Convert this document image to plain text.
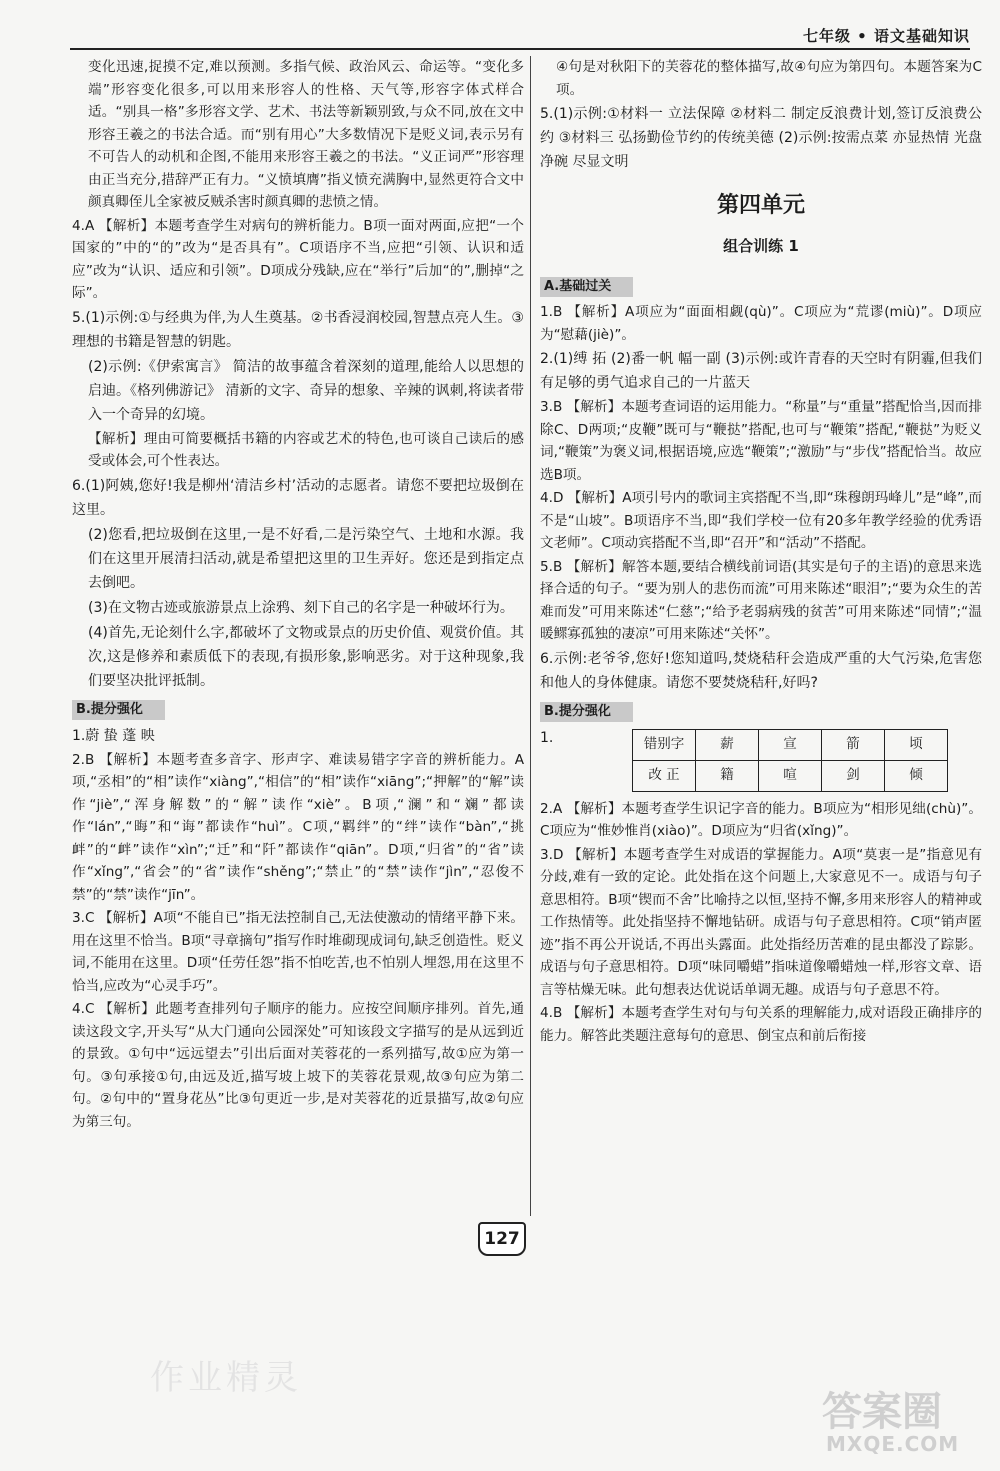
七年级 • 语文基础知识

变化迅速,捉摸不定,难以预测。多指气候、政治风云、命运等。“变化多端”形容变化很多,可以用来形容人的性格、天气等,形容字体式样合适。“别具一格”多形容文学、艺术、书法等新颖别致,与众不同,放在文中形容王羲之的书法合适。而“别有用心”大多数情况下是贬义词,表示另有不可告人的动机和企图,不能用来形容王羲之的书法。“义正词严”形容理由正当充分,措辞严正有力。“义愤填膺”指义愤充满胸中,显然更符合文中颜真卿侄儿全家被反贼杀害时颜真卿的悲愤之情。

4.A 【解析】本题考查学生对病句的辨析能力。B项一面对两面,应把“一个国家的”中的“的”改为“是否具有”。C项语序不当,应把“引领、认识和适应”改为“认识、适应和引领”。D项成分残缺,应在“举行”后加“的”,删掉“之际”。

5.(1)示例:①与经典为伴,为人生奠基。②书香浸润校园,智慧点亮人生。③理想的书籍是智慧的钥匙。

(2)示例:《伊索寓言》 简洁的故事蕴含着深刻的道理,能给人以思想的启迪。《格列佛游记》 清新的文字、奇异的想象、辛辣的讽刺,将读者带入一个奇异的幻境。

【解析】理由可简要概括书籍的内容或艺术的特色,也可谈自己读后的感受或体会,可个性表达。

6.(1)阿姨,您好!我是柳州‘清洁乡村’活动的志愿者。请您不要把垃圾倒在这里。

(2)您看,把垃圾倒在这里,一是不好看,二是污染空气、土地和水源。我们在这里开展清扫活动,就是希望把这里的卫生弄好。您还是到指定点去倒吧。

(3)在文物古迹或旅游景点上涂鸦、刻下自己的名字是一种破坏行为。

(4)首先,无论刻什么字,都破坏了文物或景点的历史价值、观赏价值。其次,这是修养和素质低下的表现,有损形象,影响恶劣。对于这种现象,我们要坚决批评抵制。

B.提分强化

1.蔚 蛰 蓬 映

2.B 【解析】本题考查多音字、形声字、难读易错字字音的辨析能力。A项,“丞相”的“相”读作“xiàng”,“相信”的“相”读作“xiāng”;“押解”的“解”读作“jiè”,“浑身解数”的“解”读作“xiè”。B项,“澜”和“斓”都读作“lán”,“晦”和“诲”都读作“huì”。C项,“羁绊”的“绊”读作“bàn”,“挑衅”的“衅”读作“xìn”;“迁”和“阡”都读作“qiān”。D项,“归省”的“省”读作“xǐng”,“省会”的“省”读作“shěng”;“禁止”的“禁”读作“jìn”,“忍俊不禁”的“禁”读作“jīn”。

3.C 【解析】A项“不能自已”指无法控制自己,无法使激动的情绪平静下来。用在这里不恰当。B项“寻章摘句”指写作时堆砌现成词句,缺乏创造性。贬义词,不能用在这里。D项“任劳任怨”指不怕吃苦,也不怕别人埋怨,用在这里不恰当,应改为“心灵手巧”。

4.C 【解析】此题考查排列句子顺序的能力。应按空间顺序排列。首先,通读这段文字,开头写“从大门通向公园深处”可知该段文字描写的是从远到近的景致。①句中“远远望去”引出后面对芙蓉花的一系列描写,故①应为第一句。③句承接①句,由远及近,描写坡上坡下的芙蓉花景观,故③句应为第二句。②句中的“置身花丛”比③句更近一步,是对芙蓉花的近景描写,故②句应为第三句。

④句是对秋阳下的芙蓉花的整体描写,故④句应为第四句。本题答案为C项。

5.(1)示例:①材料一 立法保障 ②材料二 制定反浪费计划,签订反浪费公约 ③材料三 弘扬勤俭节约的传统美德 (2)示例:按需点菜 亦显热情 光盘净碗 尽显文明

第四单元
组合训练 1
A.基础过关

1.B 【解析】A项应为“面面相觑(qù)”。C项应为“荒谬(miù)”。D项应为“慰藉(jiè)”。

2.(1)缚 拓 (2)番一帆 幅一副 (3)示例:或许青春的天空时有阴霾,但我们有足够的勇气追求自己的一片蓝天

3.B 【解析】本题考查词语的运用能力。“称量”与“重量”搭配恰当,因而排除C、D两项;“皮鞭”既可与“鞭挞”搭配,也可与“鞭策”搭配,“鞭挞”为贬义词,“鞭策”为褒义词,根据语境,应选“鞭策”;“激励”与“步伐”搭配恰当。故应选B项。

4.D 【解析】A项引号内的歌词主宾搭配不当,即“珠穆朗玛峰儿”是“峰”,而不是“山坡”。B项语序不当,即“我们学校一位有20多年教学经验的优秀语文老师”。C项动宾搭配不当,即“召开”和“活动”不搭配。

5.B 【解析】解答本题,要结合横线前词语(其实是句子的主语)的意思来选择合适的句子。“要为别人的悲伤而流”可用来陈述“眼泪”;“要为众生的苦难而发”可用来陈述“仁慈”;“给予老弱病残的贫苦”可用来陈述“同情”;“温暖鳏寡孤独的凄凉”可用来陈述“关怀”。

6.示例:老爷爷,您好!您知道吗,焚烧秸秆会造成严重的大气污染,危害您和他人的身体健康。请您不要焚烧秸秆,好吗?

B.提分强化

1.	错别字	薪	宣	箭	顷
改 正	籍	喧	剑	倾

2.A 【解析】本题考查学生识记字音的能力。B项应为“相形见绌(chù)”。C项应为“惟妙惟肖(xiào)”。D项应为“归省(xǐng)”。

3.D 【解析】本题考查学生对成语的掌握能力。A项“莫衷一是”指意见有分歧,难有一致的定论。此处指在这个问题上,大家意见不一。成语与句子意思相符。B项“锲而不舍”比喻持之以恒,坚持不懈,多用来形容人的精神或工作热情等。此处指坚持不懈地钻研。成语与句子意思相符。C项“销声匿迹”指不再公开说话,不再出头露面。此处指经历苦难的昆虫都没了踪影。成语与句子意思相符。D项“味同嚼蜡”指味道像嚼蜡烛一样,形容文章、语言等枯燥无味。此句想表达优说话单调无趣。成语与句子意思不符。

4.B 【解析】本题考查学生对句与句关系的理解能力,成对语段正确排序的能力。解答此类题注意每句的意思、倒宝点和前后衔接

127
作业精灵
答案圈
MXQE.COM
